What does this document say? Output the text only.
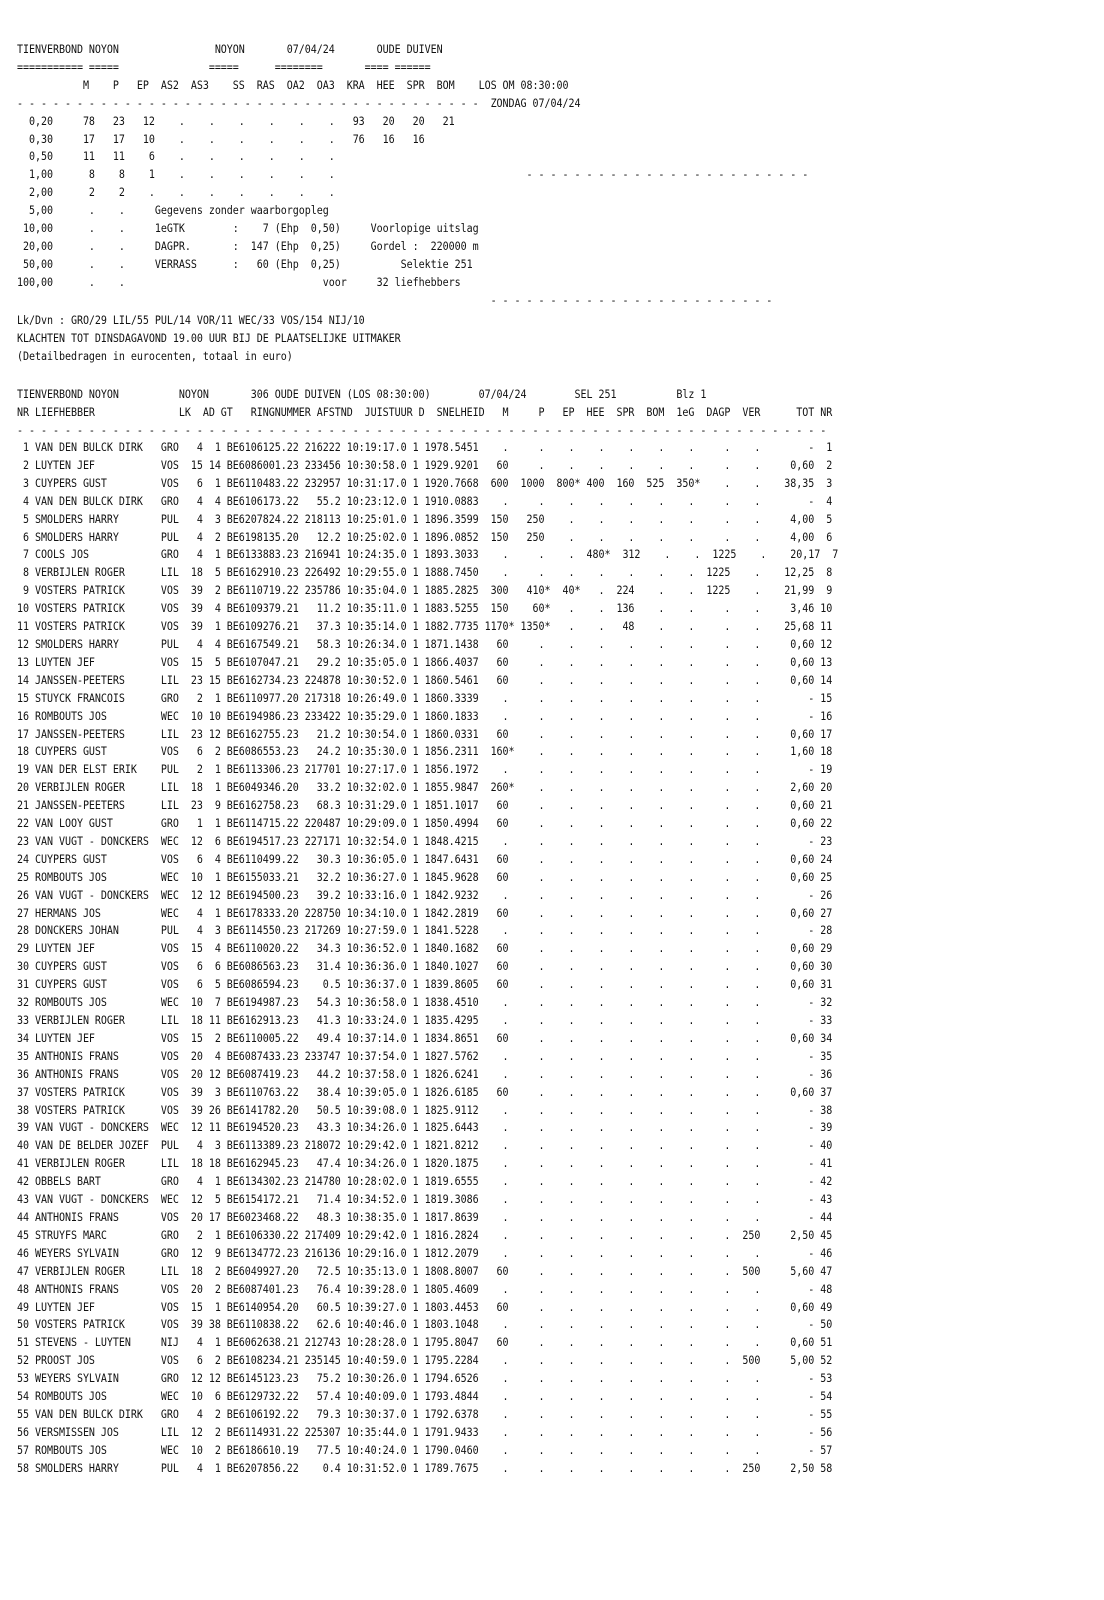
TIENVERBOND NOYON                NOYON       07/04/24       OUDE DUIVEN
=========== =====               =====      ========       ==== ======
M    P   EP  AS2  AS3    SS  RAS  OA2  OA3  KRA  HEE  SPR  BOM    LOS OM 08:30:00
- - - - - - - - - - - - - - - - - - - - - - - - - - - - - - - - - - - - - - -  ZONDAG 07/04/24
0,20     78   23   12    .    .    .    .    .    .   93   20   20   21
0,30     17   17   10    .    .    .    .    .    .   76   16   16
0,50     11   11    6    .    .    .    .    .    .
1,00      8    8    1    .    .    .    .    .    .                                - - - - - - - - - - - - - - - - - - - - - - - -
2,00      2    2    .    .    .    .    .    .    .
5,00      .    .     Gegevens zonder waarborgopleg
10,00      .    .     1eGTK        :    7 (Ehp  0,50)     Voorlopige uitslag
20,00      .    .     DAGPR.       :  147 (Ehp  0,25)     Gordel :  220000 m
50,00      .    .     VERRASS      :   60 (Ehp  0,25)          Selektie 251
100,00      .    .                                 voor     32 liefhebbers
- - - - - - - - - - - - - - - - - - - - - - - -
Lk/Dvn : GRO/29 LIL/55 PUL/14 VOR/11 WEC/33 VOS/154 NIJ/10
KLACHTEN TOT DINSDAGAVOND 19.00 UUR BIJ DE PLAATSELIJKE UITMAKER
(Detailbedragen in eurocenten, totaal in euro)
TIENVERBOND NOYON          NOYON       306 OUDE DUIVEN (LOS 08:30:00)        07/04/24        SEL 251          Blz 1
NR LIEFHEBBER              LK  AD GT   RINGNUMMER AFSTND  JUISTUUR D  SNELHEID   M     P   EP  HEE  SPR  BOM  1eG  DAGP  VER      TOT NR
- - - - - - - - - - - - - - - - - - - - - - - - - - - - - - - - - - - - - - - - - - - - - - - - - - - - - - - - - - - - - - - - - - - -
1 VAN DEN BULCK DIRK   GRO   4  1 BE6106125.22 216222 10:19:17.0 1 1978.5451    .     .    .    .    .    .    .     .    .        -  1
2 LUYTEN JEF           VOS  15 14 BE6086001.23 233456 10:30:58.0 1 1929.9201   60     .    .    .    .    .    .     .    .     0,60  2
3 CUYPERS GUST         VOS   6  1 BE6110483.22 232957 10:31:17.0 1 1920.7668  600  1000  800* 400  160  525  350*    .    .    38,35  3
4 VAN DEN BULCK DIRK   GRO   4  4 BE6106173.22   55.2 10:23:12.0 1 1910.0883    .     .    .    .    .    .    .     .    .        -  4
5 SMOLDERS HARRY       PUL   4  3 BE6207824.22 218113 10:25:01.0 1 1896.3599  150   250    .    .    .    .    .     .    .     4,00  5
6 SMOLDERS HARRY       PUL   4  2 BE6198135.20   12.2 10:25:02.0 1 1896.0852  150   250    .    .    .    .    .     .    .     4,00  6
7 COOLS JOS            GRO   4  1 BE6133883.23 216941 10:24:35.0 1 1893.3033    .     .    .  480*  312    .    .  1225    .    20,17  7
8 VERBIJLEN ROGER      LIL  18  5 BE6162910.23 226492 10:29:55.0 1 1888.7450    .     .    .    .    .    .    .  1225    .    12,25  8
9 VOSTERS PATRICK      VOS  39  2 BE6110719.22 235786 10:35:04.0 1 1885.2825  300   410*  40*   .  224    .    .  1225    .    21,99  9
10 VOSTERS PATRICK      VOS  39  4 BE6109379.21   11.2 10:35:11.0 1 1883.5255  150    60*   .    .  136    .    .     .    .     3,46 10
11 VOSTERS PATRICK      VOS  39  1 BE6109276.21   37.3 10:35:14.0 1 1882.7735 1170* 1350*   .    .   48    .    .     .    .    25,68 11
12 SMOLDERS HARRY       PUL   4  4 BE6167549.21   58.3 10:26:34.0 1 1871.1438   60     .    .    .    .    .    .     .    .     0,60 12
13 LUYTEN JEF           VOS  15  5 BE6107047.21   29.2 10:35:05.0 1 1866.4037   60     .    .    .    .    .    .     .    .     0,60 13
14 JANSSEN-PEETERS      LIL  23 15 BE6162734.23 224878 10:30:52.0 1 1860.5461   60     .    .    .    .    .    .     .    .     0,60 14
15 STUYCK FRANCOIS      GRO   2  1 BE6110977.20 217318 10:26:49.0 1 1860.3339    .     .    .    .    .    .    .     .    .        - 15
16 ROMBOUTS JOS         WEC  10 10 BE6194986.23 233422 10:35:29.0 1 1860.1833    .     .    .    .    .    .    .     .    .        - 16
17 JANSSEN-PEETERS      LIL  23 12 BE6162755.23   21.2 10:30:54.0 1 1860.0331   60     .    .    .    .    .    .     .    .     0,60 17
18 CUYPERS GUST         VOS   6  2 BE6086553.23   24.2 10:35:30.0 1 1856.2311  160*    .    .    .    .    .    .     .    .     1,60 18
19 VAN DER ELST ERIK    PUL   2  1 BE6113306.23 217701 10:27:17.0 1 1856.1972    .     .    .    .    .    .    .     .    .        - 19
20 VERBIJLEN ROGER      LIL  18  1 BE6049346.20   33.2 10:32:02.0 1 1855.9847  260*    .    .    .    .    .    .     .    .     2,60 20
21 JANSSEN-PEETERS      LIL  23  9 BE6162758.23   68.3 10:31:29.0 1 1851.1017   60     .    .    .    .    .    .     .    .     0,60 21
22 VAN LOOY GUST        GRO   1  1 BE6114715.22 220487 10:29:09.0 1 1850.4994   60     .    .    .    .    .    .     .    .     0,60 22
23 VAN VUGT - DONCKERS  WEC  12  6 BE6194517.23 227171 10:32:54.0 1 1848.4215    .     .    .    .    .    .    .     .    .        - 23
24 CUYPERS GUST         VOS   6  4 BE6110499.22   30.3 10:36:05.0 1 1847.6431   60     .    .    .    .    .    .     .    .     0,60 24
25 ROMBOUTS JOS         WEC  10  1 BE6155033.21   32.2 10:36:27.0 1 1845.9628   60     .    .    .    .    .    .     .    .     0,60 25
26 VAN VUGT - DONCKERS  WEC  12 12 BE6194500.23   39.2 10:33:16.0 1 1842.9232    .     .    .    .    .    .    .     .    .        - 26
27 HERMANS JOS          WEC   4  1 BE6178333.20 228750 10:34:10.0 1 1842.2819   60     .    .    .    .    .    .     .    .     0,60 27
28 DONCKERS JOHAN       PUL   4  3 BE6114550.23 217269 10:27:59.0 1 1841.5228    .     .    .    .    .    .    .     .    .        - 28
29 LUYTEN JEF           VOS  15  4 BE6110020.22   34.3 10:36:52.0 1 1840.1682   60     .    .    .    .    .    .     .    .     0,60 29
30 CUYPERS GUST         VOS   6  6 BE6086563.23   31.4 10:36:36.0 1 1840.1027   60     .    .    .    .    .    .     .    .     0,60 30
31 CUYPERS GUST         VOS   6  5 BE6086594.23    0.5 10:36:37.0 1 1839.8605   60     .    .    .    .    .    .     .    .     0,60 31
32 ROMBOUTS JOS         WEC  10  7 BE6194987.23   54.3 10:36:58.0 1 1838.4510    .     .    .    .    .    .    .     .    .        - 32
33 VERBIJLEN ROGER      LIL  18 11 BE6162913.23   41.3 10:33:24.0 1 1835.4295    .     .    .    .    .    .    .     .    .        - 33
34 LUYTEN JEF           VOS  15  2 BE6110005.22   49.4 10:37:14.0 1 1834.8651   60     .    .    .    .    .    .     .    .     0,60 34
35 ANTHONIS FRANS       VOS  20  4 BE6087433.23 233747 10:37:54.0 1 1827.5762    .     .    .    .    .    .    .     .    .        - 35
36 ANTHONIS FRANS       VOS  20 12 BE6087419.23   44.2 10:37:58.0 1 1826.6241    .     .    .    .    .    .    .     .    .        - 36
37 VOSTERS PATRICK      VOS  39  3 BE6110763.22   38.4 10:39:05.0 1 1826.6185   60     .    .    .    .    .    .     .    .     0,60 37
38 VOSTERS PATRICK      VOS  39 26 BE6141782.20   50.5 10:39:08.0 1 1825.9112    .     .    .    .    .    .    .     .    .        - 38
39 VAN VUGT - DONCKERS  WEC  12 11 BE6194520.23   43.3 10:34:26.0 1 1825.6443    .     .    .    .    .    .    .     .    .        - 39
40 VAN DE BELDER JOZEF  PUL   4  3 BE6113389.23 218072 10:29:42.0 1 1821.8212    .     .    .    .    .    .    .     .    .        - 40
41 VERBIJLEN ROGER      LIL  18 18 BE6162945.23   47.4 10:34:26.0 1 1820.1875    .     .    .    .    .    .    .     .    .        - 41
42 OBBELS BART          GRO   4  1 BE6134302.23 214780 10:28:02.0 1 1819.6555    .     .    .    .    .    .    .     .    .        - 42
43 VAN VUGT - DONCKERS  WEC  12  5 BE6154172.21   71.4 10:34:52.0 1 1819.3086    .     .    .    .    .    .    .     .    .        - 43
44 ANTHONIS FRANS       VOS  20 17 BE6023468.22   48.3 10:38:35.0 1 1817.8639    .     .    .    .    .    .    .     .    .        - 44
45 STRUYFS MARC         GRO   2  1 BE6106330.22 217409 10:29:42.0 1 1816.2824    .     .    .    .    .    .    .     .  250     2,50 45
46 WEYERS SYLVAIN       GRO  12  9 BE6134772.23 216136 10:29:16.0 1 1812.2079    .     .    .    .    .    .    .     .    .        - 46
47 VERBIJLEN ROGER      LIL  18  2 BE6049927.20   72.5 10:35:13.0 1 1808.8007   60     .    .    .    .    .    .     .  500     5,60 47
48 ANTHONIS FRANS       VOS  20  2 BE6087401.23   76.4 10:39:28.0 1 1805.4609    .     .    .    .    .    .    .     .    .        - 48
49 LUYTEN JEF           VOS  15  1 BE6140954.20   60.5 10:39:27.0 1 1803.4453   60     .    .    .    .    .    .     .    .     0,60 49
50 VOSTERS PATRICK      VOS  39 38 BE6110838.22   62.6 10:40:46.0 1 1803.1048    .     .    .    .    .    .    .     .    .        - 50
51 STEVENS - LUYTEN     NIJ   4  1 BE6062638.21 212743 10:28:28.0 1 1795.8047   60     .    .    .    .    .    .     .    .     0,60 51
52 PROOST JOS           VOS   6  2 BE6108234.21 235145 10:40:59.0 1 1795.2284    .     .    .    .    .    .    .     .  500     5,00 52
53 WEYERS SYLVAIN       GRO  12 12 BE6145123.23   75.2 10:30:26.0 1 1794.6526    .     .    .    .    .    .    .     .    .        - 53
54 ROMBOUTS JOS         WEC  10  6 BE6129732.22   57.4 10:40:09.0 1 1793.4844    .     .    .    .    .    .    .     .    .        - 54
55 VAN DEN BULCK DIRK   GRO   4  2 BE6106192.22   79.3 10:30:37.0 1 1792.6378    .     .    .    .    .    .    .     .    .        - 55
56 VERSMISSEN JOS       LIL  12  2 BE6114931.22 225307 10:35:44.0 1 1791.9433    .     .    .    .    .    .    .     .    .        - 56
57 ROMBOUTS JOS         WEC  10  2 BE6186610.19   77.5 10:40:24.0 1 1790.0460    .     .    .    .    .    .    .     .    .        - 57
58 SMOLDERS HARRY       PUL   4  1 BE6207856.22    0.4 10:31:52.0 1 1789.7675    .     .    .    .    .    .    .     .  250     2,50 58
